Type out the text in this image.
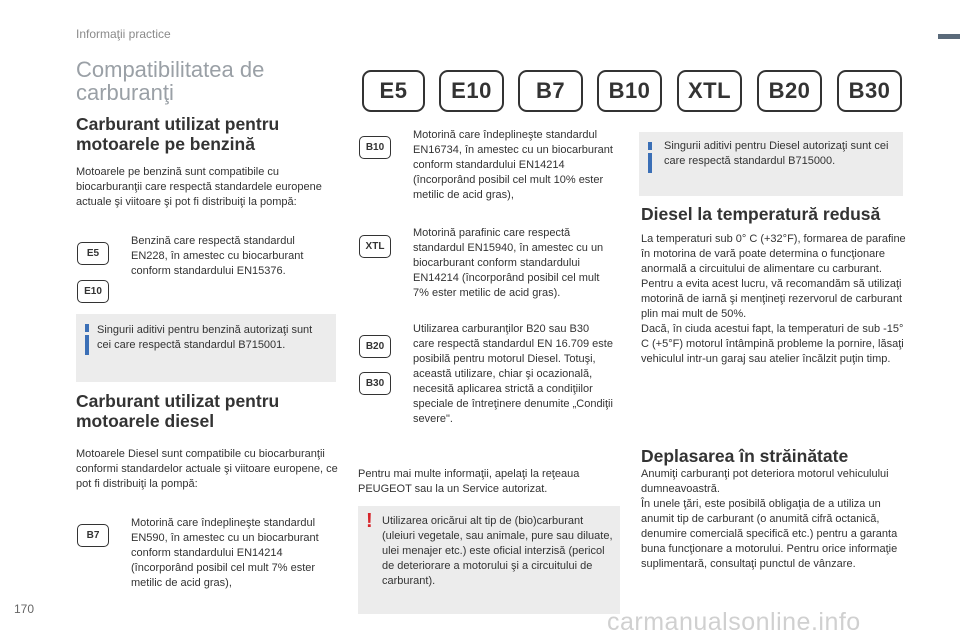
Informaţii practice
Compatibilitatea de carburanţi	E5	E10	B7	B10	XTL	B20	B30
Carburant utilizat pentru motoarele pe benzină
Motoarele pe benzină sunt compatibile cu biocarburanţii care respectă standardele europene actuale şi viitoare şi pot fi distribuiţi la pompă:
E5
E10
Benzină care respectă standardul EN228, în amestec cu biocarburant conform standardului EN15376.
Singurii aditivi pentru benzină autorizaţi sunt cei care respectă standardul B715001.
Carburant utilizat pentru motoarele diesel
Motoarele Diesel sunt compatibile cu biocarburanţii conformi standardelor actuale şi viitoare europene, ce pot fi distribuiţi la pompă:
B7
Motorină care îndeplineşte standardul EN590, în amestec cu un biocarburant conform standardului EN14214 (încorporând posibil cel mult 7% ester metilic de acid gras),
B10
Motorină care îndeplineşte standardul EN16734, în amestec cu un biocarburant conform standardului EN14214 (încorporând posibil cel mult 10% ester metilic de acid gras),
XTL
Motorină parafinic care respectă standardul EN15940, în amestec cu un biocarburant conform standardului EN14214 (încorporând posibil cel mult 7% ester metilic de acid gras).
B20
B30
Utilizarea carburanţilor B20 sau B30 care respectă standardul EN 16.709 este posibilă pentru motorul Diesel. Totuşi, această utilizare, chiar şi ocazională, necesită aplicarea strictă a condiţiilor speciale de întreţinere denumite „Condiţii severe".
Pentru mai multe informaţii, apelaţi la reţeaua PEUGEOT sau la un Service autorizat.
! Utilizarea oricărui alt tip de (bio)carburant (uleiuri vegetale, sau animale, pure sau diluate, ulei menajer etc.) este oficial interzisă (pericol de deteriorare a motorului şi a circuitului de carburant).
Singurii aditivi pentru Diesel autorizaţi sunt cei care respectă standardul B715000.
Diesel la temperatură redusă

La temperaturi sub 0° C (+32°F), formarea de parafine în motorina de vară poate determina o funcţionare anormală a circuitului de alimentare cu carburant. Pentru a evita acest lucru, vă recomandăm să utilizaţi motorină de iarnă şi menţineţi rezervorul de carburant plin mai mult de 50%.

Dacă, în ciuda acestui fapt, la temperaturi de sub -15° C (+5°F) motorul întâmpină probleme la pornire, lăsaţi vehiculul intr-un garaj sau atelier încălzit puţin timp.

Deplasarea în străinătate

Anumiţi carburanţi pot deteriora motorul vehiculului dumneavoastră.

În unele ţări, este posibilă obligaţia de a utiliza un anumit tip de carburant (o anumită cifră octanică, denumire comercială specifică etc.) pentru a garanta buna funcţionare a motorului. Pentru orice informaţie suplimentară, consultaţi punctul de vânzare.

170	carmanualsonline.info
